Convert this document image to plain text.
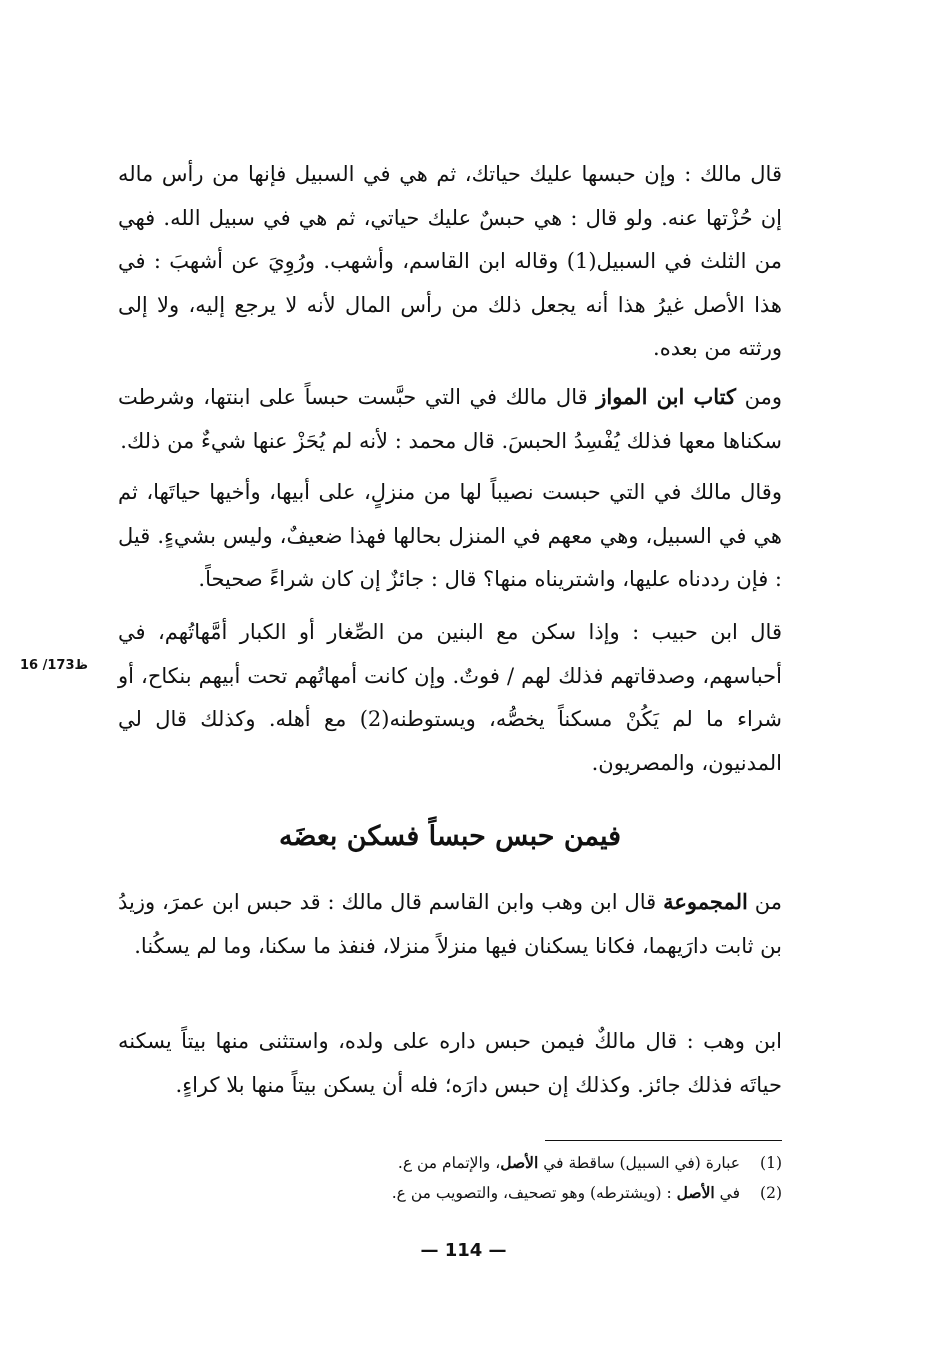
قال مالك : وإن حبسها عليك حياتك، ثم هي في السبيل فإنها من رأس ماله إن حُزْتها عنه. ولو قال : هي حبسٌ عليك حياتي، ثم هي في سبيل الله. فهي من الثلث في السبيل(1) وقاله ابن القاسم، وأشهب. ورُوِيَ عن أشهبَ : في هذا الأصل غيرُ هذا أنه يجعل ذلك من رأس المال لأنه لا يرجع إليه، ولا إلى ورثته من بعده.

ومن كتاب ابن المواز قال مالك في التي حبَّست حبساً على ابنتها، وشرطت سكناها معها فذلك يُفْسِدُ الحبسَ. قال محمد : لأنه لم يُحَزْ عنها شيءٌ من ذلك.

وقال مالك في التي حبست نصيباً لها من منزلٍ، على أبيها، وأخيها حياتَها، ثم هي في السبيل، وهي معهم في المنزل بحالها فهذا ضعيفٌ، وليس بشيءٍ. قيل : فإن رددناه عليها، واشتريناه منها؟ قال : جائزٌ إن كان شراءً صحيحاً.

قال ابن حبيب : وإذا سكن مع البنين من الصِّغار أو الكبار أمَّهاتُهم، في أحباسهم، وصدقاتهم فذلك لهم / فوتٌ. وإن كانت أمهاتُهم تحت أبيهم بنكاح، أو شراء ما لم يَكُنْ مسكناً يخصُّه، ويستوطنه(2) مع أهله. وكذلك قال لي المدنيون، والمصريون.

16 /173ظ
فيمن حبس حبساً فسكن بعضَه

من المجموعة قال ابن وهب وابن القاسم قال مالك : قد حبس ابن عمرَ، وزيدُ بن ثابت دارَيهما، فكانا يسكنان فيها منزلاً منزلا، فنفذ ما سكنا، وما لم يسكُنا.

ابن وهب : قال مالكٌ فيمن حبس داره على ولده، واستثنى منها بيتاً يسكنه حياتَه فذلك جائز. وكذلك إن حبس دارَه؛ فله أن يسكن بيتاً منها بلا كراءٍ.

(1)
عبارة (في السبيل) ساقطة في الأصل، والإتمام من ع.
(2)
في الأصل : (ويشترطه) وهو تصحيف، والتصويب من ع.
— 114 —
